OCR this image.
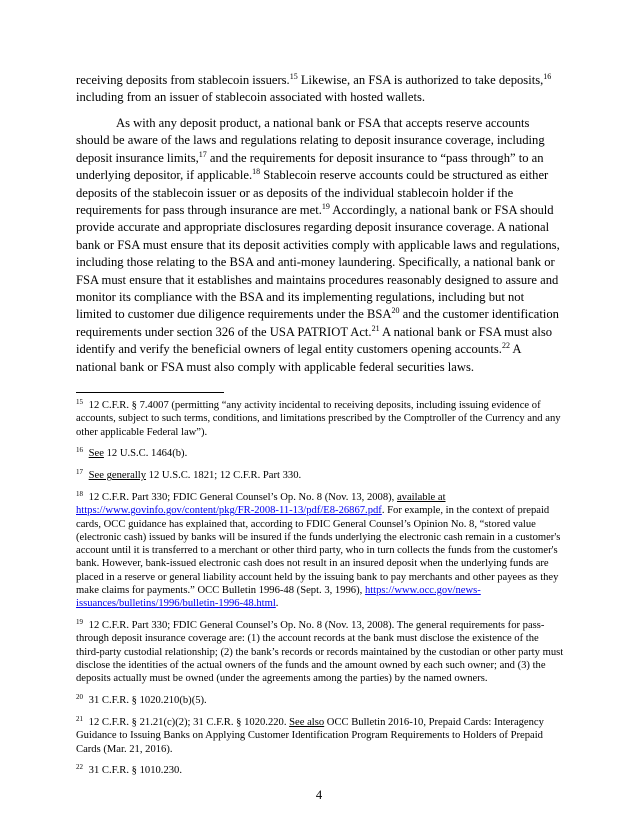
receiving deposits from stablecoin issuers.$^{15}$ Likewise, an FSA is authorized to take deposits,$^{16}$ including from an issuer of stablecoin associated with hosted wallets.

As with any deposit product, a national bank or FSA that accepts reserve accounts should be aware of the laws and regulations relating to deposit insurance coverage, including deposit insurance limits,$^{17}$ and the requirements for deposit insurance to “pass through” to an underlying depositor, if applicable.$^{18}$ Stablecoin reserve accounts could be structured as either deposits of the stablecoin issuer or as deposits of the individual stablecoin holder if the requirements for pass through insurance are met.$^{19}$ Accordingly, a national bank or FSA should provide accurate and appropriate disclosures regarding deposit insurance coverage. A national bank or FSA must ensure that its deposit activities comply with applicable laws and regulations, including those relating to the BSA and anti-money laundering. Specifically, a national bank or FSA must ensure that it establishes and maintains procedures reasonably designed to assure and monitor its compliance with the BSA and its implementing regulations, including but not limited to customer due diligence requirements under the BSA$^{20}$ and the customer identification requirements under section 326 of the USA PATRIOT Act.$^{21}$ A national bank or FSA must also identify and verify the beneficial owners of legal entity customers opening accounts.$^{22}$ A national bank or FSA must also comply with applicable federal securities laws.

$^{15}$ 12 C.F.R. § 7.4007 (permitting “any activity incidental to receiving deposits, including issuing evidence of accounts, subject to such terms, conditions, and limitations prescribed by the Comptroller of the Currency and any other applicable Federal law”).

$^{16}$ See 12 U.S.C. 1464(b).

$^{17}$ See generally 12 U.S.C. 1821; 12 C.F.R. Part 330.

$^{18}$ 12 C.F.R. Part 330; FDIC General Counsel’s Op. No. 8 (Nov. 13, 2008), available at https://www.govinfo.gov/content/pkg/FR-2008-11-13/pdf/E8-26867.pdf. For example, in the context of prepaid cards, OCC guidance has explained that, according to FDIC General Counsel’s Opinion No. 8, “stored value (electronic cash) issued by banks will be insured if the funds underlying the electronic cash remain in a customer's account until it is transferred to a merchant or other third party, who in turn collects the funds from the customer's bank. However, bank-issued electronic cash does not result in an insured deposit when the underlying funds are placed in a reserve or general liability account held by the issuing bank to pay merchants and other payees as they make claims for payments.” OCC Bulletin 1996-48 (Sept. 3, 1996), https://www.occ.gov/news-issuances/bulletins/1996/bulletin-1996-48.html.

$^{19}$ 12 C.F.R. Part 330; FDIC General Counsel’s Op. No. 8 (Nov. 13, 2008). The general requirements for pass-through deposit insurance coverage are: (1) the account records at the bank must disclose the existence of the third-party custodial relationship; (2) the bank’s records or records maintained by the custodian or other party must disclose the identities of the actual owners of the funds and the amount owned by each such owner; and (3) the deposits actually must be owned (under the agreements among the parties) by the named owners.

$^{20}$ 31 C.F.R. § 1020.210(b)(5).

$^{21}$ 12 C.F.R. § 21.21(c)(2); 31 C.F.R. § 1020.220. See also OCC Bulletin 2016-10, Prepaid Cards: Interagency Guidance to Issuing Banks on Applying Customer Identification Program Requirements to Holders of Prepaid Cards (Mar. 21, 2016).

$^{22}$ 31 C.F.R. § 1010.230.

4
